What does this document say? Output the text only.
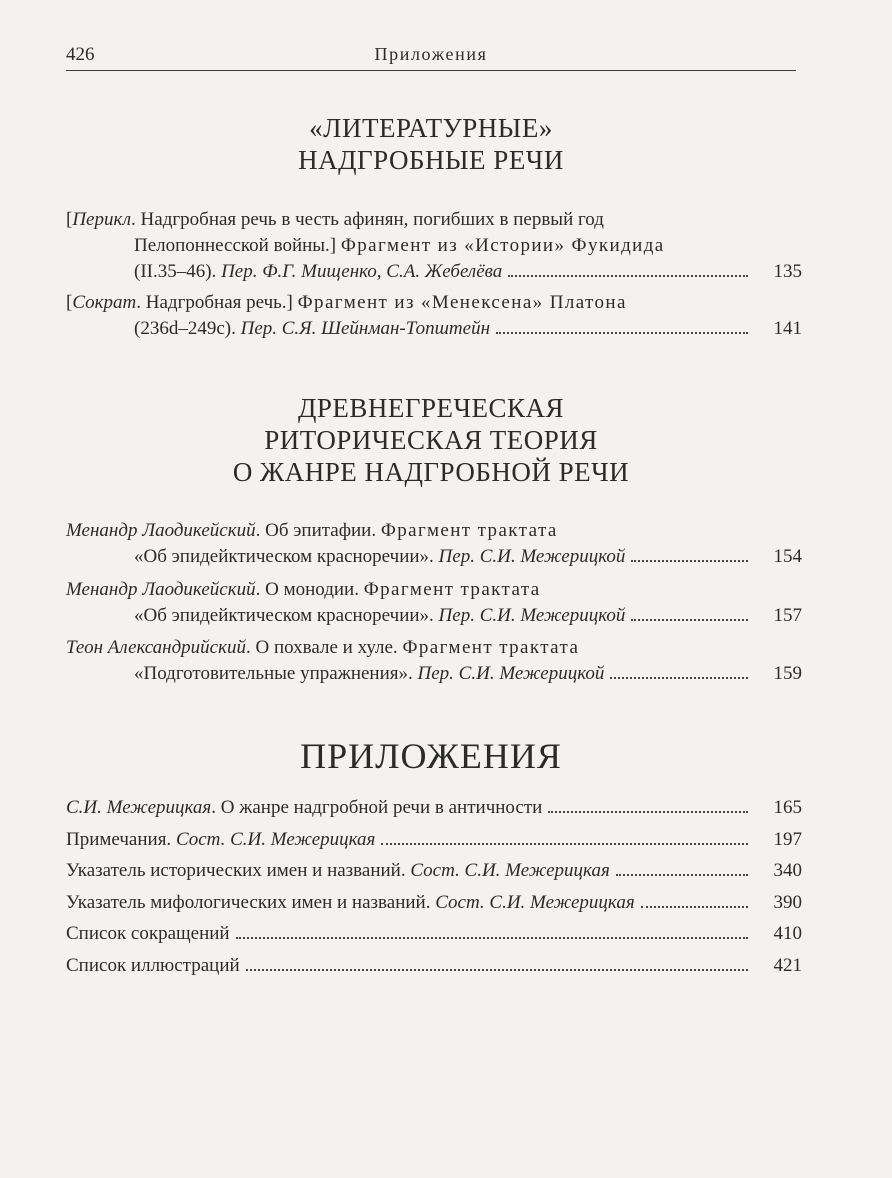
426	Приложения
«ЛИТЕРАТУРНЫЕ»
НАДГРОБНЫЕ РЕЧИ
[Перикл. Надгробная речь в честь афинян, погибших в первый год
Пелопоннесской войны.] Фрагмент из «Истории» Фукидида
(II.35–46). Пер. Ф.Г. Мищенко, С.А. Жебелёва	135
[Сократ. Надгробная речь.] Фрагмент из «Менексена» Платона
(236d–249c). Пер. С.Я. Шейнман-Топштейн	141
ДРЕВНЕГРЕЧЕСКАЯ
РИТОРИЧЕСКАЯ ТЕОРИЯ
О ЖАНРЕ НАДГРОБНОЙ РЕЧИ
Менандр Лаодикейский. Об эпитафии. Фрагмент трактата
«Об эпидейктическом красноречии». Пер. С.И. Межерицкой	154
Менандр Лаодикейский. О монодии. Фрагмент трактата
«Об эпидейктическом красноречии». Пер. С.И. Межерицкой	157
Теон Александрийский. О похвале и хуле. Фрагмент трактата
«Подготовительные упражнения». Пер. С.И. Межерицкой	159
ПРИЛОЖЕНИЯ
С.И. Межерицкая. О жанре надгробной речи в античности	165
Примечания. Сост. С.И. Межерицкая	197
Указатель исторических имен и названий. Сост. С.И. Межерицкая	340
Указатель мифологических имен и названий. Сост. С.И. Межерицкая	390
Список сокращений	410
Список иллюстраций	421
